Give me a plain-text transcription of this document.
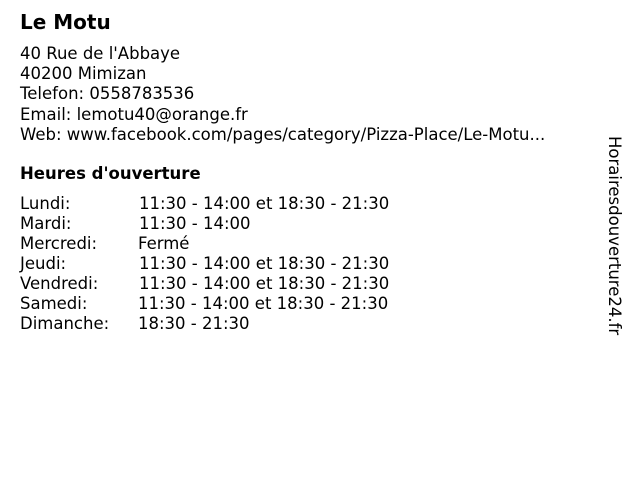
Le Motu
40 Rue de l'Abbaye
40200 Mimizan
Telefon: 0558783536
Email: lemotu40@orange.fr
Web: www.facebook.com/pages/category/Pizza-Place/Le-Motu...
Heures d'ouverture
Lundi:	11:30 - 14:00 et 18:30 - 21:30
Mardi:	11:30 - 14:00
Mercredi: Fermé
Jeudi:	11:30 - 14:00 et 18:30 - 21:30
Vendredi: 11:30 - 14:00 et 18:30 - 21:30
Samedi:	11:30 - 14:00 et 18:30 - 21:30
Dimanche: 18:30 - 21:30	Horairesdouverture24.fr
